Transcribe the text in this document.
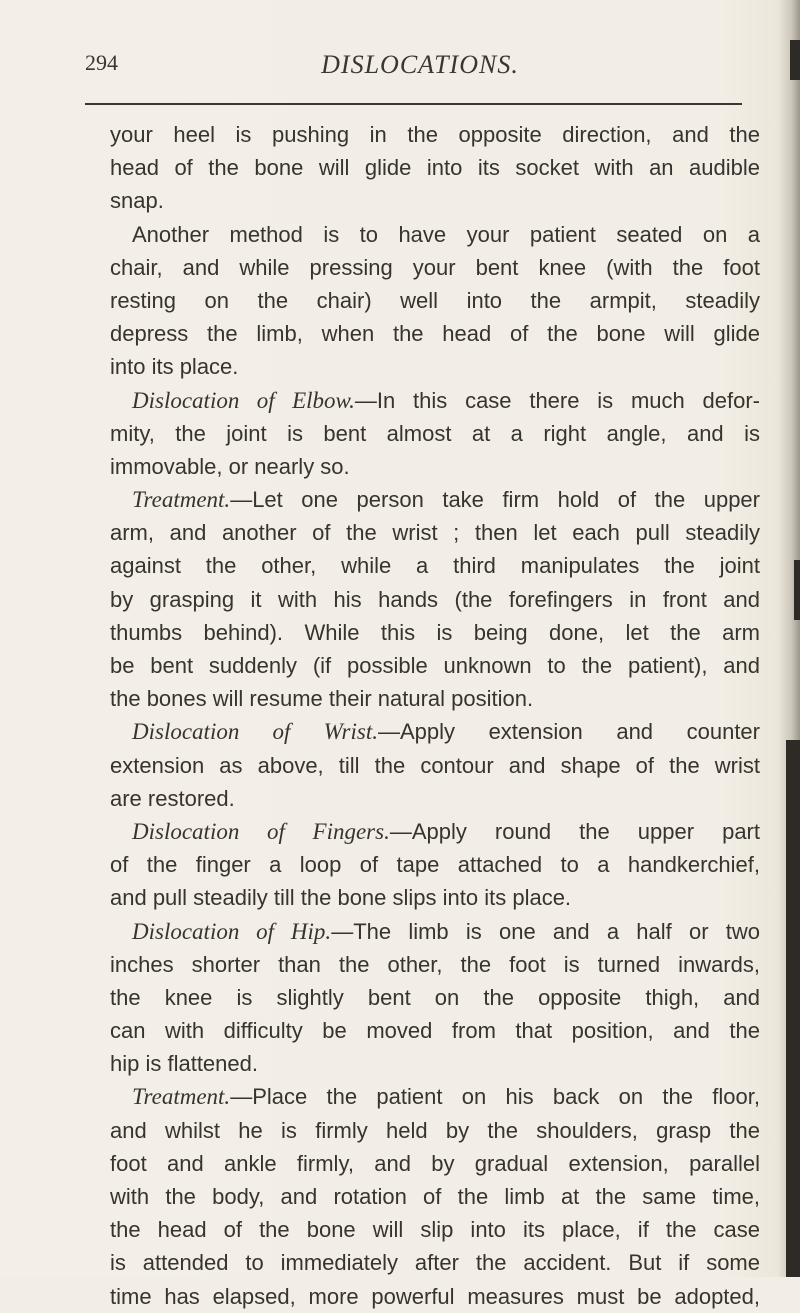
294	DISLOCATIONS.
your heel is pushing in the opposite direction, and the
head of the bone will glide into its socket with an audible
snap.
Another method is to have your patient seated on a
chair, and while pressing your bent knee (with the foot
resting on the chair) well into the armpit, steadily
depress the limb, when the head of the bone will glide
into its place.
Dislocation of Elbow.—In this case there is much defor-
mity, the joint is bent almost at a right angle, and is
immovable, or nearly so.
Treatment.—Let one person take firm hold of the upper
arm, and another of the wrist ; then let each pull steadily
against the other, while a third manipulates the joint
by grasping it with his hands (the forefingers in front and
thumbs behind). While this is being done, let the arm
be bent suddenly (if possible unknown to the patient), and
the bones will resume their natural position.
Dislocation of Wrist.—Apply extension and counter
extension as above, till the contour and shape of the wrist
are restored.
Dislocation of Fingers.—Apply round the upper part
of the finger a loop of tape attached to a handkerchief,
and pull steadily till the bone slips into its place.
Dislocation of Hip.—The limb is one and a half or two
inches shorter than the other, the foot is turned inwards,
the knee is slightly bent on the opposite thigh, and
can with difficulty be moved from that position, and the
hip is flattened.
Treatment.—Place the patient on his back on the floor,
and whilst he is firmly held by the shoulders, grasp the
foot and ankle firmly, and by gradual extension, parallel
with the body, and rotation of the limb at the same time,
the head of the bone will slip into its place, if the case
is attended to immediately after the accident. But if some
time has elapsed, more powerful measures must be adopted,
